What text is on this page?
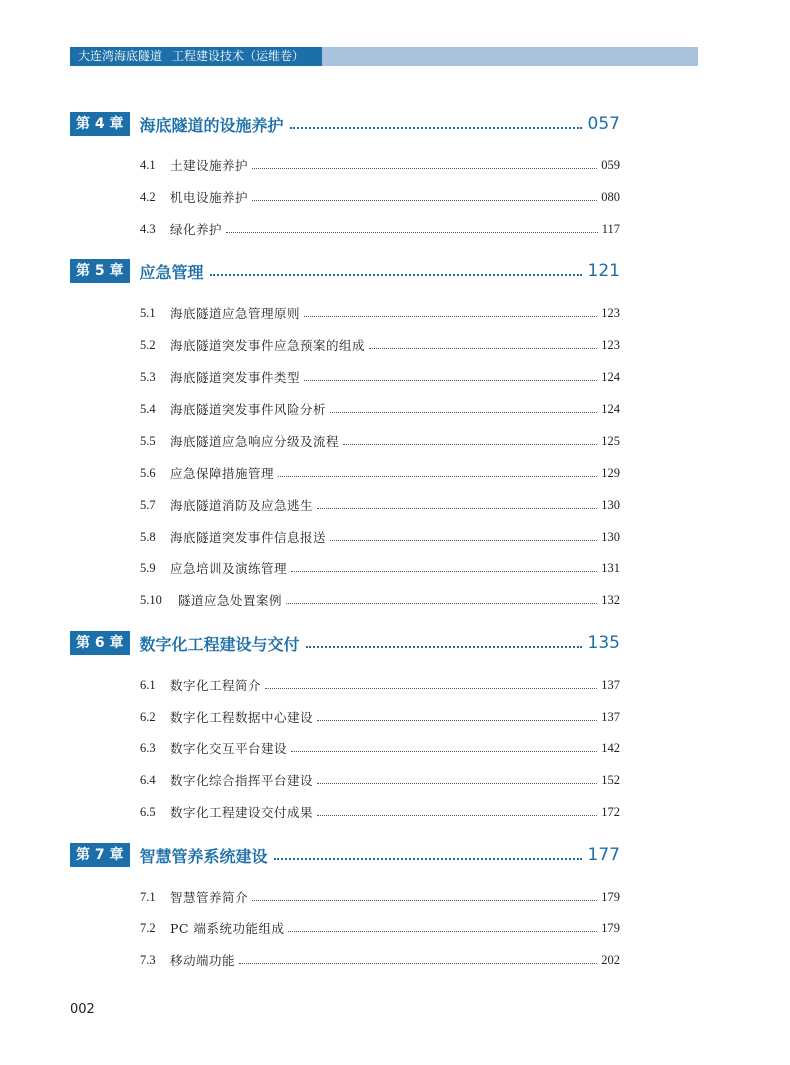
大连湾海底隧道 工程建设技术（运维卷）
第 4 章	海底隧道的设施养护	057
4.1	土建设施养护	059
4.2	机电设施养护	080
4.3	绿化养护	117
第 5 章	应急管理	121
5.1	海底隧道应急管理原则	123
5.2	海底隧道突发事件应急预案的组成	123
5.3	海底隧道突发事件类型	124
5.4	海底隧道突发事件风险分析	124
5.5	海底隧道应急响应分级及流程	125
5.6	应急保障措施管理	129
5.7	海底隧道消防及应急逃生	130
5.8	海底隧道突发事件信息报送	130
5.9	应急培训及演练管理	131
5.10	隧道应急处置案例	132
第 6 章	数字化工程建设与交付	135
6.1	数字化工程简介	137
6.2	数字化工程数据中心建设	137
6.3	数字化交互平台建设	142
6.4	数字化综合指挥平台建设	152
6.5	数字化工程建设交付成果	172
第 7 章	智慧管养系统建设	177
7.1	智慧管养简介	179
7.2	PC 端系统功能组成	179
7.3	移动端功能	202
002
